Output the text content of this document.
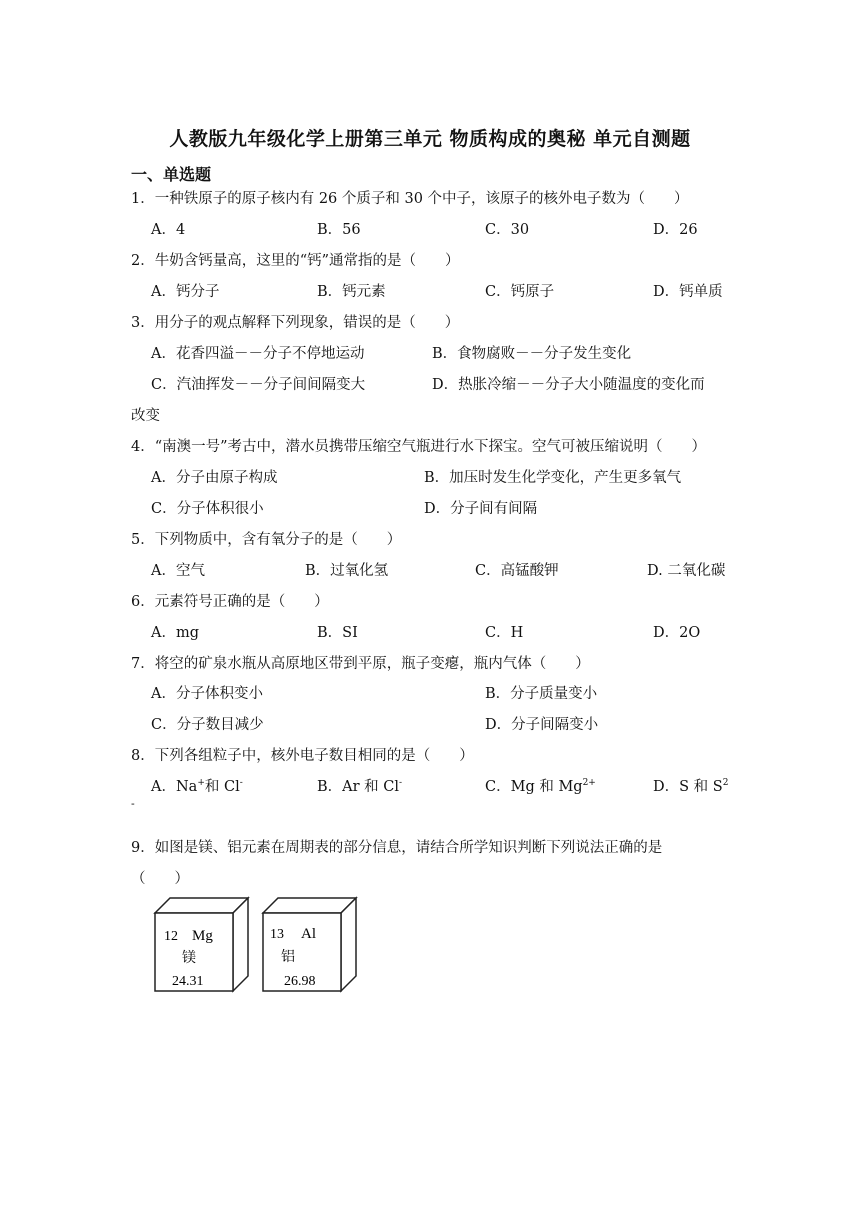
人教版九年级化学上册第三单元 物质构成的奥秘 单元自测题
一、单选题
1．一种铁原子的原子核内有 26 个质子和 30 个中子，该原子的核外电子数为（　　）
A．4	B．56	C．30	D．26
2．牛奶含钙量高，这里的“钙”通常指的是（　　）
A．钙分子	B．钙元素	C．钙原子	D．钙单质
3．用分子的观点解释下列现象，错误的是（　　）
A．花香四溢－－分子不停地运动	B．食物腐败－－分子发生变化
C．汽油挥发－－分子间间隔变大	D．热胀冷缩－－分子大小随温度的变化而
改变
4．“南澳一号”考古中，潜水员携带压缩空气瓶进行水下探宝。空气可被压缩说明（　　）
A．分子由原子构成	B．加压时发生化学变化，产生更多氧气
C．分子体积很小	D．分子间有间隔
5．下列物质中，含有氧分子的是（　　）
A．空气	B．过氧化氢	C．高锰酸钾	D. 二氧化碳
6．元素符号正确的是（　　）
A．mg	B．SI	C．H	D．2O
7．将空的矿泉水瓶从高原地区带到平原，瓶子变瘪，瓶内气体（　　）
A．分子体积变小	B．分子质量变小
C．分子数目减少	D．分子间隔变小
8．下列各组粒子中，核外电子数目相同的是（　　）
A．Na+和 Cl-	B．Ar 和 Cl-	C．Mg 和 $Mg^{2+}$	D．S 和 $S^2$
-
9．如图是镁、铝元素在周期表的部分信息，请结合所学知识判断下列说法正确的是
（　　）
12 Mg
镁
24.31
13 Al
铝
26.98
